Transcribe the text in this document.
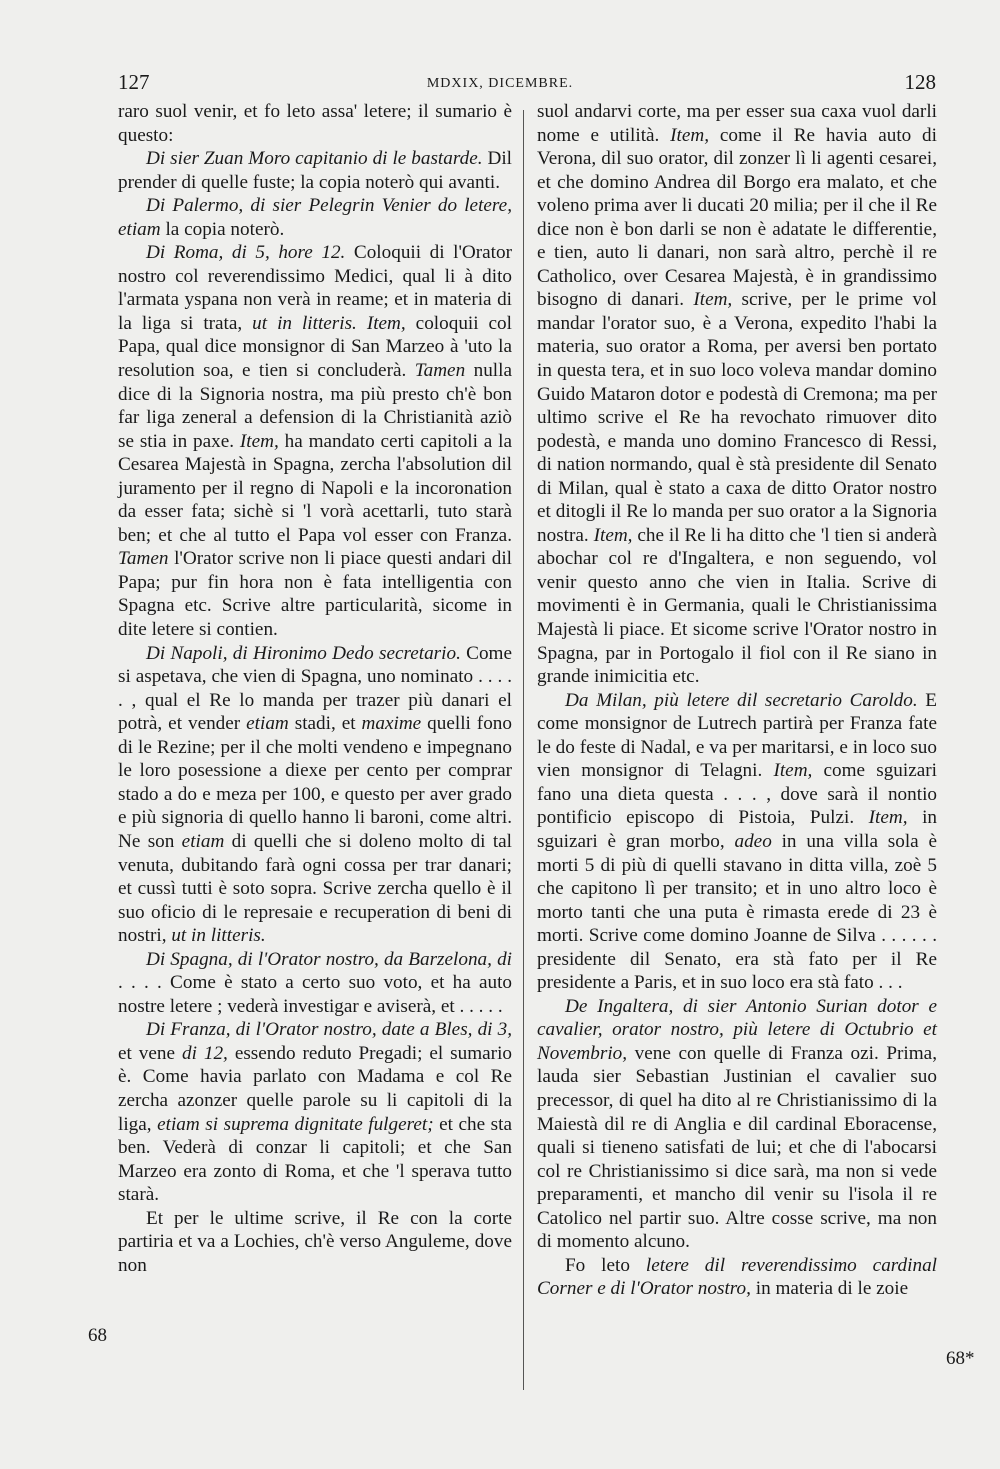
127	MDXIX, DICEMBRE.	128

raro suol venir, et fo leto assa' letere; il sumario è questo:

Di sier Zuan Moro capitanio di le bastarde. Dil prender di quelle fuste; la copia noterò qui avanti.

Di Palermo, di sier Pelegrin Venier do letere, etiam la copia noterò.

Di Roma, di 5, hore 12. Coloquii di l'Orator nostro col reverendissimo Medici, qual li à dito l'armata yspana non verà in reame; et in materia di la liga si trata, ut in litteris. Item, coloquii col Papa, qual dice monsignor di San Marzeo à 'uto la resolution soa, e tien si concluderà. Tamen nulla dice di la Signoria nostra, ma più presto ch'è bon far liga zeneral a defension di la Christianità aziò se stia in paxe. Item, ha mandato certi capitoli a la Cesarea Majestà in Spagna, zercha l'absolution dil juramento per il regno di Napoli e la incoronation da esser fata; sichè si 'l vorà acettarli, tuto starà ben; et che al tutto el Papa vol esser con Franza. Tamen l'Orator scrive non li piace questi andari dil Papa; pur fin hora non è fata intelligentia con Spagna etc. Scrive altre particularità, sicome in dite letere si contien.

Di Napoli, di Hironimo Dedo secretario. Come si aspetava, che vien di Spagna, uno nominato . . . . . , qual el Re lo manda per trazer più danari el potrà, et vender etiam stadi, et maxime quelli fono di le Rezine; per il che molti vendeno e impegnano le loro posessione a diexe per cento per comprar stado a do e meza per 100, e questo per aver grado e più signoria di quello hanno li baroni, come altri. Ne son etiam di quelli che si doleno molto di tal venuta, dubitando farà ogni cossa per trar danari; et cussì tutti è soto sopra. Scrive zercha quello è il suo oficio di le represaie e recuperation di beni di nostri, ut in litteris.

Di Spagna, di l'Orator nostro, da Barzelona, di . . . . Come è stato a certo suo voto, et ha auto nostre letere ; vederà investigar e aviserà, et . . . . .

Di Franza, di l'Orator nostro, date a Bles, di 3, et vene di 12, essendo reduto Pregadi; el sumario è. Come havia parlato con Madama e col Re zercha azonzer quelle parole su li capitoli di la liga, etiam si suprema dignitate fulgeret; et che sta ben. Vederà di conzar li capitoli; et che San Marzeo era zonto di Roma, et che 'l sperava tutto starà.

Et per le ultime scrive, il Re con la corte partiria et va a Lochies, ch'è verso Anguleme, dove non

suol andarvi corte, ma per esser sua caxa vuol darli nome e utilità. Item, come il Re havia auto di Verona, dil suo orator, dil zonzer lì li agenti cesarei, et che domino Andrea dil Borgo era malato, et che voleno prima aver li ducati 20 milia; per il che il Re dice non è bon darli se non è adatate le differentie, e tien, auto li danari, non sarà altro, perchè il re Catholico, over Cesarea Majestà, è in grandissimo bisogno di danari. Item, scrive, per le prime vol mandar l'orator suo, è a Verona, expedito l'habi la materia, suo orator a Roma, per aversi ben portato in questa tera, et in suo loco voleva mandar domino Guido Mataron dotor e podestà di Cremona; ma per ultimo scrive el Re ha revochato rimuover dito podestà, e manda uno domino Francesco di Ressi, di nation normando, qual è stà presidente dil Senato di Milan, qual è stato a caxa de ditto Orator nostro et ditogli il Re lo manda per suo orator a la Signoria nostra. Item, che il Re li ha ditto che 'l tien si anderà abochar col re d'Ingaltera, e non seguendo, vol venir questo anno che vien in Italia. Scrive di movimenti è in Germania, quali le Christianissima Majestà li piace. Et sicome scrive l'Orator nostro in Spagna, par in Portogalo il fiol con il Re siano in grande inimicitia etc.

Da Milan, più letere dil secretario Caroldo. E come monsignor de Lutrech partirà per Franza fate le do feste di Nadal, e va per maritarsi, e in loco suo vien monsignor di Telagni. Item, come sguizari fano una dieta questa . . . , dove sarà il nontio pontificio episcopo di Pistoia, Pulzi. Item, in sguizari è gran morbo, adeo in una villa sola è morti 5 di più di quelli stavano in ditta villa, zoè 5 che capitono lì per transito; et in uno altro loco è morto tanti che una puta è rimasta erede di 23 è morti. Scrive come domino Joanne de Silva . . . . . . presidente dil Senato, era stà fato per il Re presidente a Paris, et in suo loco era stà fato . . .

De Ingaltera, di sier Antonio Surian dotor e cavalier, orator nostro, più letere di Octubrio et Novembrio, vene con quelle di Franza ozi. Prima, lauda sier Sebastian Justinian el cavalier suo precessor, di quel ha dito al re Christianissimo di la Maiestà dil re di Anglia e dil cardinal Eboracense, quali si tieneno satisfati de lui; et che di l'abocarsi col re Christianissimo si dice sarà, ma non si vede preparamenti, et mancho dil venir su l'isola il re Catolico nel partir suo. Altre cosse scrive, ma non di momento alcuno.

Fo leto letere dil reverendissimo cardinal Corner e di l'Orator nostro, in materia di le zoie

68
68*
